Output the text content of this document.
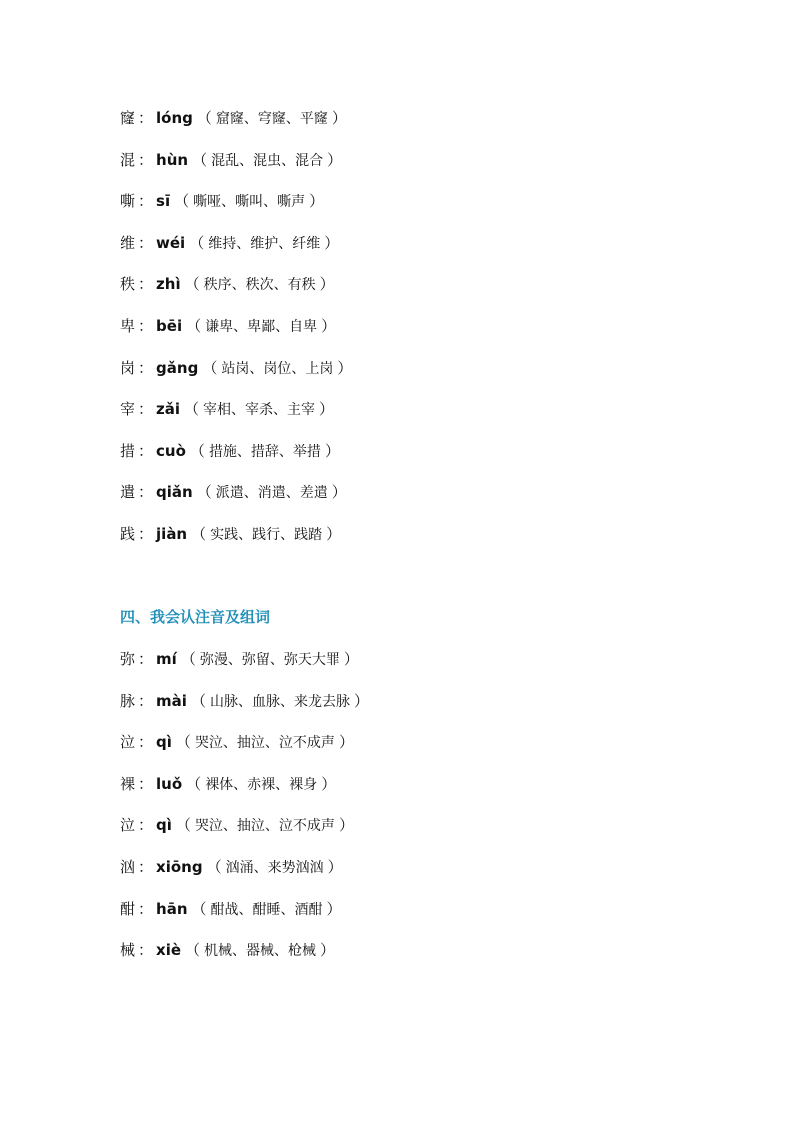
窿 ： lóng （ 窟窿、穹窿、平窿 ）
混 ： hùn （ 混乱、混虫、混合 ）
嘶 ： sī （ 嘶哑、嘶叫、嘶声 ）
维 ： wéi （ 维持、维护、纤维 ）
秩 ： zhì （ 秩序、秩次、有秩 ）
卑 ： bēi （ 谦卑、卑鄙、自卑 ）
岗 ： gǎng （ 站岗、岗位、上岗 ）
宰 ： zǎi （ 宰相、宰杀、主宰 ）
措 ： cuò （ 措施、措辞、举措 ）
遣 ： qiǎn （ 派遣、消遣、差遣 ）
践 ： jiàn （ 实践、践行、践踏 ）
四、我会认注音及组词
弥 ： mí （ 弥漫、弥留、弥天大罪 ）
脉 ： mài （ 山脉、血脉、来龙去脉 ）
泣 ： qì （ 哭泣、抽泣、泣不成声 ）
裸 ： luǒ （ 裸体、赤裸、裸身 ）
泣 ： qì （ 哭泣、抽泣、泣不成声 ）
汹 ： xiōng （ 汹涌、来势汹汹 ）
酣 ： hān （ 酣战、酣睡、酒酣 ）
械 ： xiè （ 机械、器械、枪械 ）
